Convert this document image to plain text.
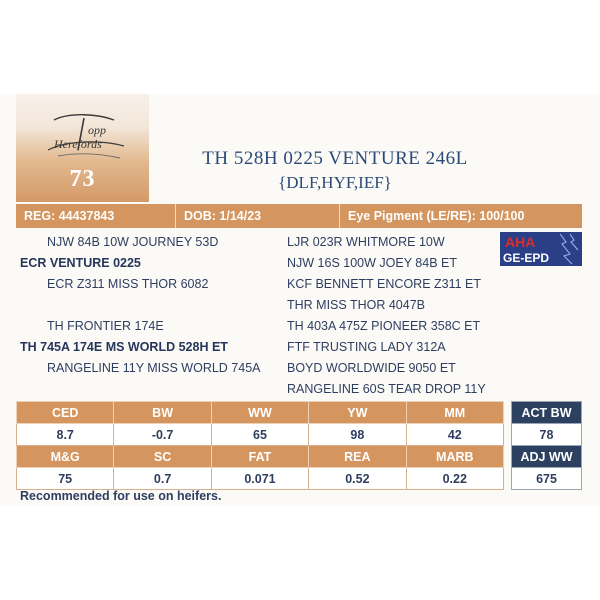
opp
Herefords
73
TH 528H 0225 VENTURE 246L
{DLF,HYF,IEF}
REG: 44437843	DOB: 1/14/23	Eye Pigment (LE/RE): 100/100
NJW 84B 10W JOURNEY 53D
ECR VENTURE 0225
ECR Z311 MISS THOR 6082
TH FRONTIER 174E
TH 745A 174E MS WORLD 528H ET
RANGELINE 11Y MISS WORLD 745A
LJR 023R WHITMORE 10W
NJW 16S 100W JOEY 84B ET
KCF BENNETT ENCORE Z311 ET
THR MISS THOR 4047B
TH 403A 475Z PIONEER 358C ET
FTF TRUSTING LADY 312A
BOYD WORLDWIDE 9050 ET
RANGELINE 60S TEAR DROP 11Y
AHA
GE-EPD
CED	BW	WW	YW	MM
8.7	-0.7	65	98	42
M&G	SC	FAT	REA	MARB
75	0.7	0.071	0.52	0.22
ACT BW
78
ADJ WW
675
Recommended for use on heifers.
